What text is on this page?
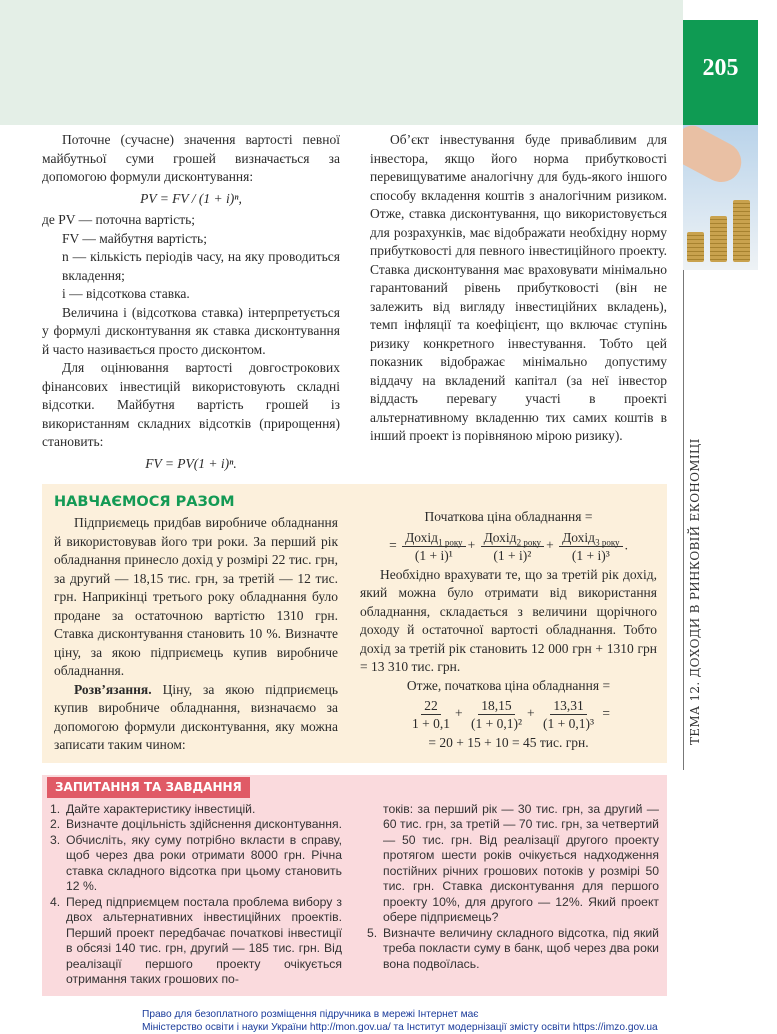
205
ТЕМА 12. ДОХОДИ В РИНКОВІЙ ЕКОНОМІЦІ

Поточне (сучасне) значення вартості певної майбутньої суми грошей визначається за допомогою формули дисконтування:

PV = FV / (1 + i)ⁿ,

де PV — поточна вартість;

FV — майбутня вартість;

n — кількість періодів часу, на яку проводиться вкладення;

i — відсоткова ставка.

Величина i (відсоткова ставка) інтерпретується у формулі дисконтування як ставка дисконтування й часто називається просто дисконтом.

Для оцінювання вартості довгострокових фінансових інвестицій використовують складні відсотки. Майбутня вартість грошей із використанням складних відсотків (прирощення) становить:

FV = PV(1 + i)ⁿ.

Об’єкт інвестування буде привабливим для інвестора, якщо його норма прибутковості перевищуватиме аналогічну для будь-якого іншого способу вкладення коштів з аналогічним ризиком. Отже, ставка дисконтування, що використовується для розрахунків, має відображати необхідну норму прибутковості для певного інвестиційного проекту. Ставка дисконтування має враховувати мінімально гарантований рівень прибутковості (він не залежить від вигляду інвестиційних вкладень), темп інфляції та коефіцієнт, що включає ступінь ризику конкретного інвестування. Тобто цей показник відображає мінімально допустиму віддачу на вкладений капітал (за неї інвестор віддасть перевагу участі в проекті альтернативному вкладенню тих самих коштів в інший проект із порівняною мірою ризику).

НАВЧАЄМОСЯ РАЗОМ

Підприємець придбав виробниче обладнання й використовував його три роки. За перший рік обладнання принесло дохід у розмірі 22 тис. грн, за другий — 18,15 тис. грн, за третій — 12 тис. грн. Наприкінці третього року обладнання було продане за остаточною вартістю 1310 грн. Ставка дисконтування становить 10 %. Визначте ціну, за якою підприємець купив виробниче обладнання.

Розв’язання. Ціну, за якою підприємець купив виробниче обладнання, визначаємо за допомогою формули дисконтування, яку можна записати таким чином:

Початкова ціна обладнання =

= $\frac{Дохід_{1 року}}{\text{(1 + i)¹}} + \frac{Дохід_{2 року}}{\text{(1 + i)²}} + \frac{Дохід_{3 року}}{\text{(1 + i)³}}$ .

Необхідно врахувати те, що за третій рік дохід, який можна було отримати від використання обладнання, складається з величини щорічного доходу й остаточної вартості обладнання. Тобто дохід за третій рік становить 12 000 грн + 1310 грн = 13 310 тис. грн.

Отже, початкова ціна обладнання =

$\frac{22}{1 + 0,1} + \frac{18,15}{\text{(1 + 0,1)²}} + \frac{13,31}{\text{(1 + 0,1)³}}$ =

= 20 + 15 + 10 = 45 тис. грн.

ЗАПИТАННЯ ТА ЗАВДАННЯ
1. Дайте характеристику інвестицій.
2. Визначте доцільність здійснення дисконтування.
3. Обчисліть, яку суму потрібно вкласти в справу, щоб через два роки отримати 8000 грн. Річна ставка складного відсотка при цьому становить 12 %.
4. Перед підприємцем постала проблема вибору з двох альтернативних інвестиційних проектів. Перший проект передбачає початкові інвестиції в обсязі 140 тис. грн, другий — 185 тис. грн. Від реалізації першого проекту очікується отримання таких грошових по-
токів: за перший рік — 30 тис. грн, за другий — 60 тис. грн, за третій — 70 тис. грн, за четвертий — 50 тис. грн. Від реалізації другого проекту протягом шести років очікується надходження постійних річних грошових потоків у розмірі 50 тис. грн. Ставка дисконтування для першого проекту 10%, для другого — 12%. Який проект обере підприємець?
5. Визначте величину складного відсотка, під який треба покласти суму в банк, щоб через два роки вона подвоїлась.
Право для безоплатного розміщення підручника в мережі Інтернет має
Міністерство освіти і науки України http://mon.gov.ua/ та Інститут модернізації змісту освіти https://imzo.gov.ua
